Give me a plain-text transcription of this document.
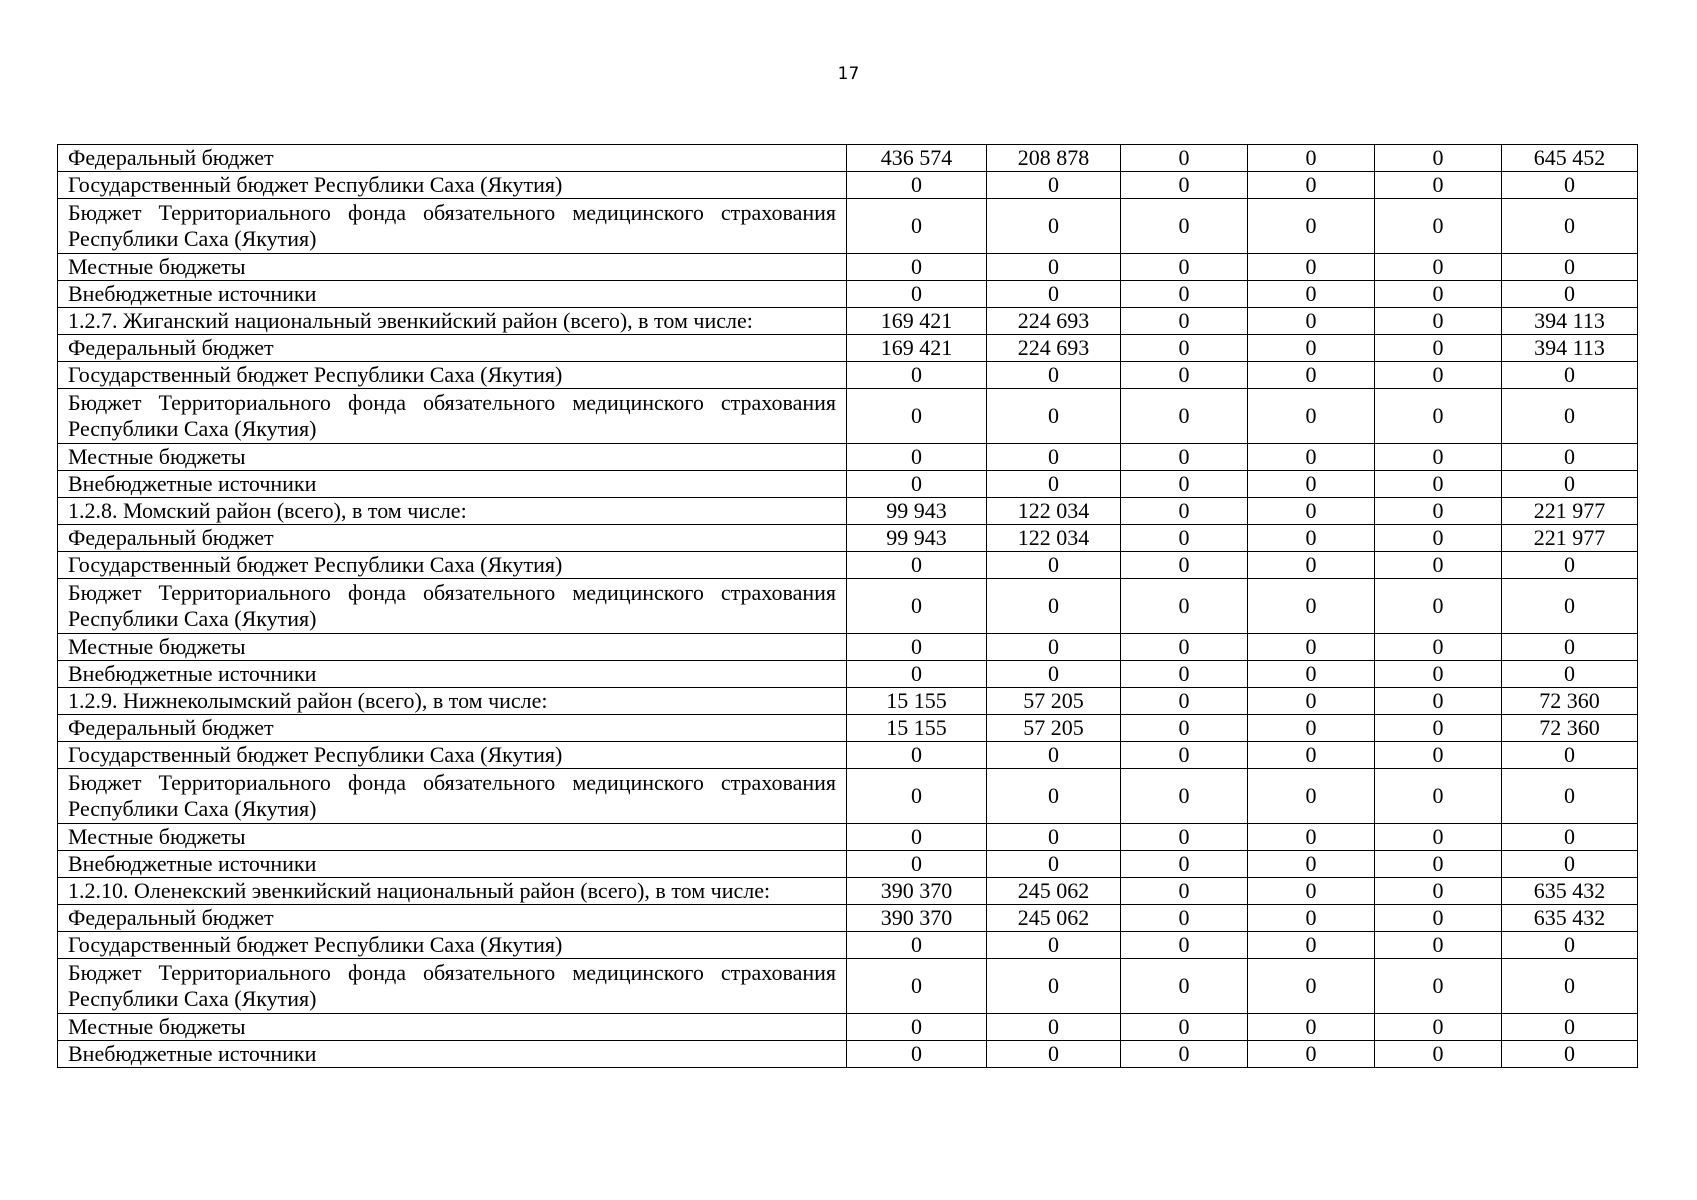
17
Федеральный бюджет	436 574	208 878	0	0	0	645 452
Государственный бюджет Республики Саха (Якутия)	0	0	0	0	0	0
Бюджет Территориального фонда обязательного медицинского страхования Республики Саха (Якутия)	0	0	0	0	0	0
Местные бюджеты	0	0	0	0	0	0
Внебюджетные источники	0	0	0	0	0	0
1.2.7. Жиганский национальный эвенкийский район (всего), в том числе:	169 421	224 693	0	0	0	394 113
Федеральный бюджет	169 421	224 693	0	0	0	394 113
Государственный бюджет Республики Саха (Якутия)	0	0	0	0	0	0
Бюджет Территориального фонда обязательного медицинского страхования Республики Саха (Якутия)	0	0	0	0	0	0
Местные бюджеты	0	0	0	0	0	0
Внебюджетные источники	0	0	0	0	0	0
1.2.8. Момский район (всего), в том числе:	99 943	122 034	0	0	0	221 977
Федеральный бюджет	99 943	122 034	0	0	0	221 977
Государственный бюджет Республики Саха (Якутия)	0	0	0	0	0	0
Бюджет Территориального фонда обязательного медицинского страхования Республики Саха (Якутия)	0	0	0	0	0	0
Местные бюджеты	0	0	0	0	0	0
Внебюджетные источники	0	0	0	0	0	0
1.2.9. Нижнеколымский район (всего), в том числе:	15 155	57 205	0	0	0	72 360
Федеральный бюджет	15 155	57 205	0	0	0	72 360
Государственный бюджет Республики Саха (Якутия)	0	0	0	0	0	0
Бюджет Территориального фонда обязательного медицинского страхования Республики Саха (Якутия)	0	0	0	0	0	0
Местные бюджеты	0	0	0	0	0	0
Внебюджетные источники	0	0	0	0	0	0
1.2.10. Оленекский эвенкийский национальный район (всего), в том числе:	390 370	245 062	0	0	0	635 432
Федеральный бюджет	390 370	245 062	0	0	0	635 432
Государственный бюджет Республики Саха (Якутия)	0	0	0	0	0	0
Бюджет Территориального фонда обязательного медицинского страхования Республики Саха (Якутия)	0	0	0	0	0	0
Местные бюджеты	0	0	0	0	0	0
Внебюджетные источники	0	0	0	0	0	0
